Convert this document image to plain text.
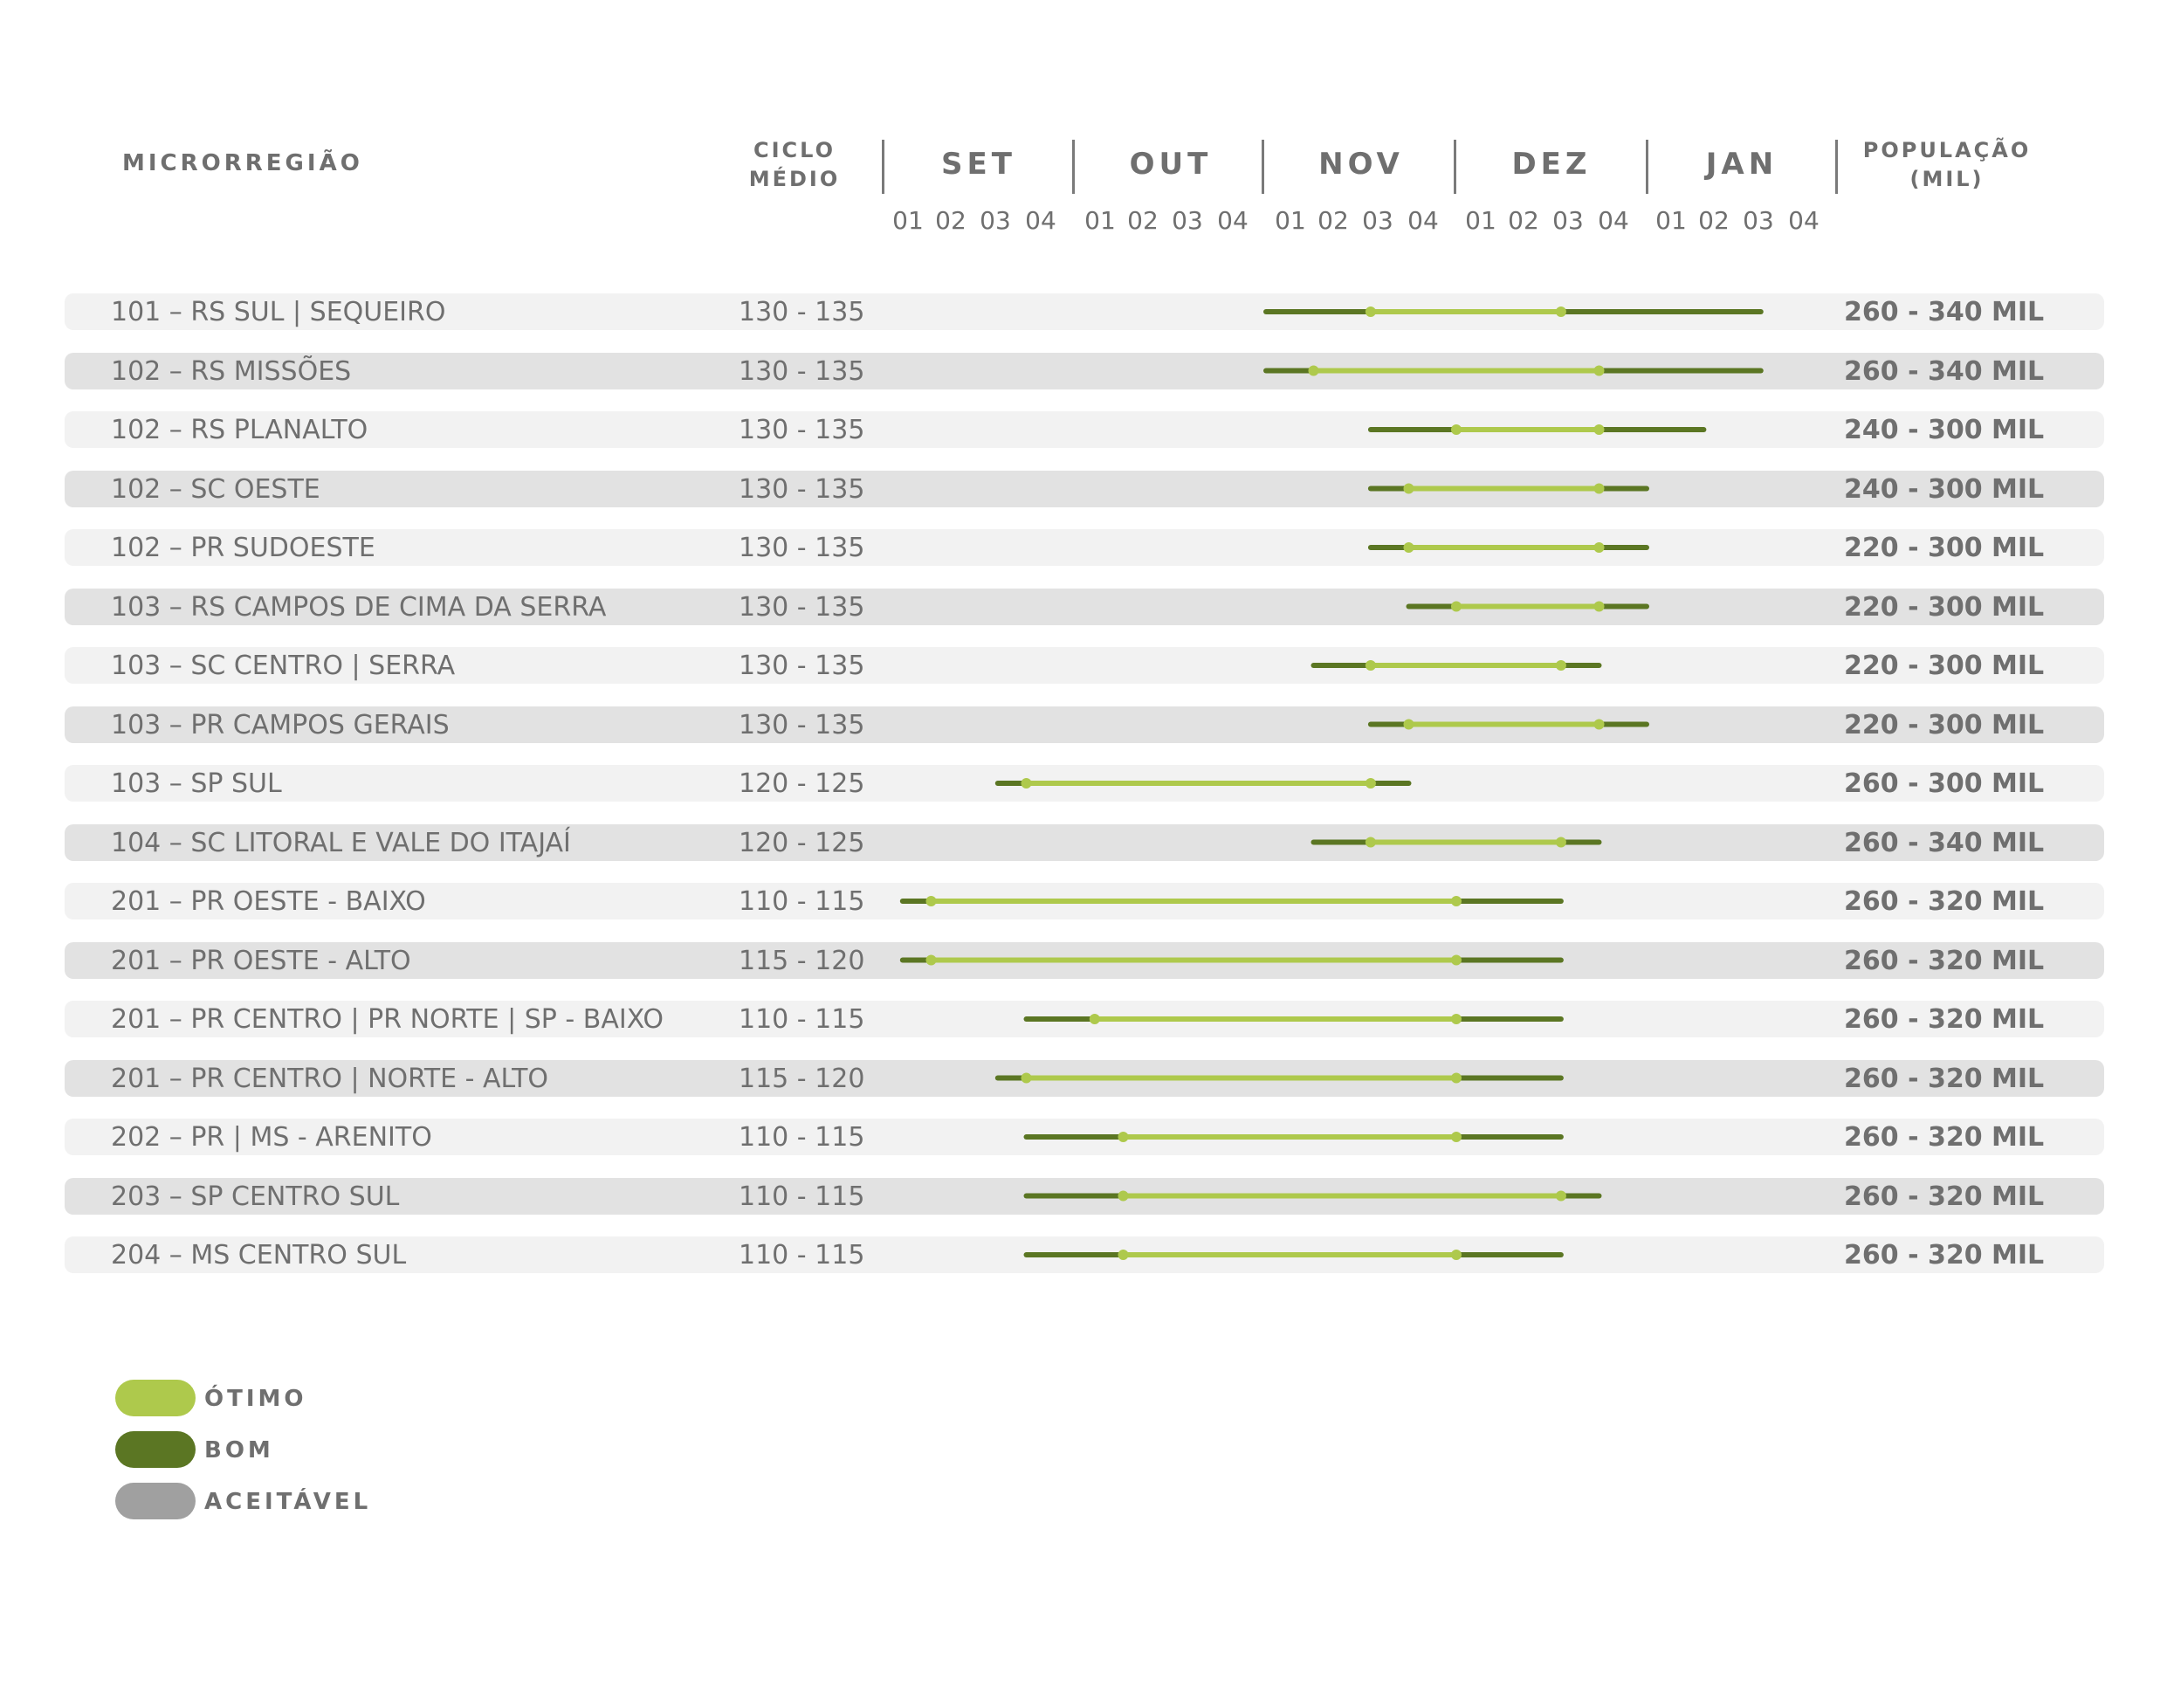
MICRORREGIÃO	CICLO
MÉDIO
POPULAÇÃO
(MIL)
SET
01 02 03 04
OUT
01 02 03 04
NOV
01 02 03 04
DEZ
01 02 03 04
JAN
01 02 03 04
101 – RS SUL | SEQUEIRO	130 - 135	260 - 340 MIL
102 – RS MISSÕES	130 - 135	260 - 340 MIL
102 – RS PLANALTO	130 - 135	240 - 300 MIL
102 – SC OESTE	130 - 135	240 - 300 MIL
102 – PR SUDOESTE	130 - 135	220 - 300 MIL
103 – RS CAMPOS DE CIMA DA SERRA	130 - 135	220 - 300 MIL
103 – SC CENTRO | SERRA	130 - 135	220 - 300 MIL
103 – PR CAMPOS GERAIS	130 - 135	220 - 300 MIL
103 – SP SUL	120 - 125	260 - 300 MIL
104 – SC LITORAL E VALE DO ITAJAÍ	120 - 125	260 - 340 MIL
201 – PR OESTE - BAIXO	110 - 115	260 - 320 MIL
201 – PR OESTE - ALTO	115 - 120	260 - 320 MIL
201 – PR CENTRO | PR NORTE | SP - BAIXO	110 - 115	260 - 320 MIL
201 – PR CENTRO | NORTE - ALTO	115 - 120	260 - 320 MIL
202 – PR | MS - ARENITO	110 - 115	260 - 320 MIL
203 – SP CENTRO SUL	110 - 115	260 - 320 MIL
204 – MS CENTRO SUL	110 - 115	260 - 320 MIL
ÓTIMO
BOM
ACEITÁVEL
